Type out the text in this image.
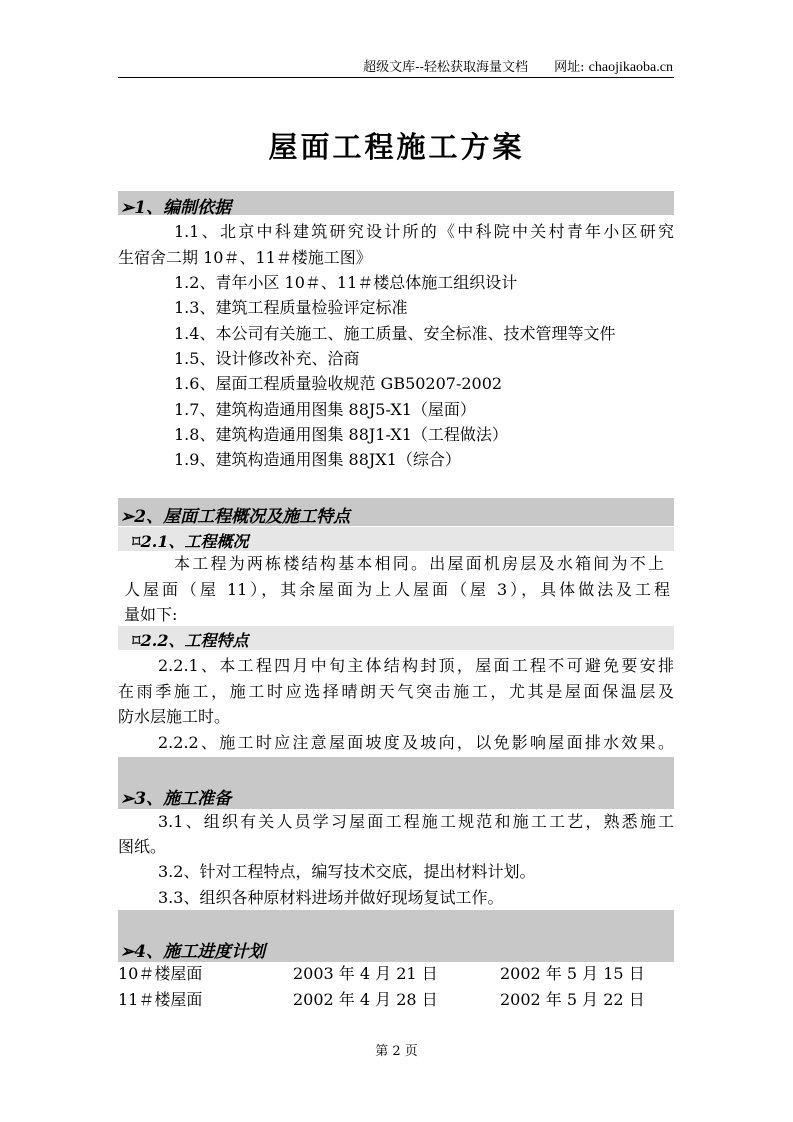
超级文库--轻松获取海量文档 网址: chaojikaoba.cn
屋面工程施工方案
➢1、编制依据
1.1、北京中科建筑研究设计所的《中科院中关村青年小区研究
生宿舍二期 10＃、11＃楼施工图》
1.2、青年小区 10＃、11＃楼总体施工组织设计
1.3、建筑工程质量检验评定标准
1.4、本公司有关施工、施工质量、安全标准、技术管理等文件
1.5、设计修改补充、洽商
1.6、屋面工程质量验收规范 GB50207-2002
1.7、建筑构造通用图集 88J5-X1（屋面）
1.8、建筑构造通用图集 88J1-X1（工程做法）
1.9、建筑构造通用图集 88JX1（综合）
➢2、屋面工程概况及施工特点
⌑2.1、工程概况
本工程为两栋楼结构基本相同。出屋面机房层及水箱间为不上
人屋面（屋 11），其余屋面为上人屋面（屋 3），具体做法及工程
量如下:
⌑2.2、工程特点
2.2.1、本工程四月中旬主体结构封顶，屋面工程不可避免要安排
在雨季施工，施工时应选择晴朗天气突击施工，尤其是屋面保温层及
防水层施工时。
2.2.2、施工时应注意屋面坡度及坡向，以免影响屋面排水效果。
➢3、施工准备
3.1、组织有关人员学习屋面工程施工规范和施工工艺，熟悉施工
图纸。
3.2、针对工程特点，编写技术交底，提出材料计划。
3.3、组织各种原材料进场并做好现场复试工作。
➢4、施工进度计划
10＃楼屋面	2003 年 4 月 21 日	2002 年 5 月 15 日
11＃楼屋面	2002 年 4 月 28 日	2002 年 5 月 22 日
第 2 页
